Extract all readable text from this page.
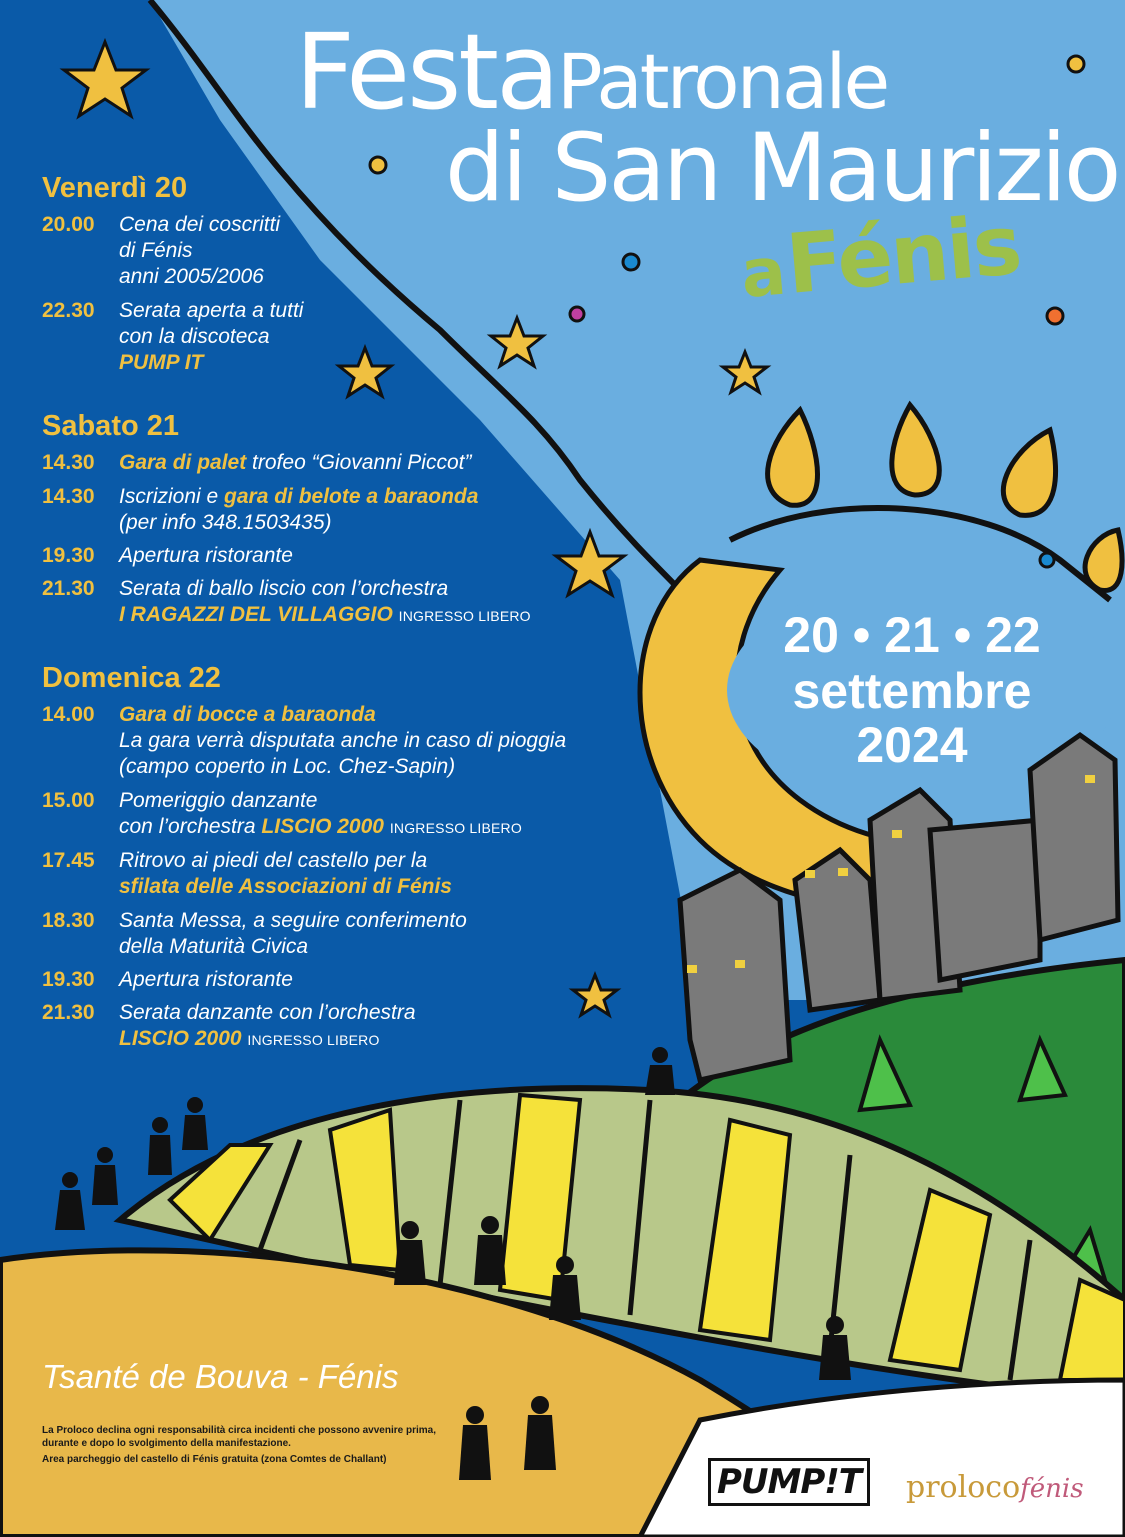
FestaPatronale
di San Maurizio
a Fénis
Venerdì 20
20.00 Cena dei coscritti
di Fénis
anni 2005/2006
22.30 Serata aperta a tutti
con la discoteca
PUMP IT
Sabato 21
14.30 Gara di palet trofeo “Giovanni Piccot”
14.30 Iscrizioni e gara di belote a baraonda
(per info 348.1503435)
19.30 Apertura ristorante
21.30 Serata di ballo liscio con l’orchestra
I RAGAZZI DEL VILLAGGIO INGRESSO LIBERO
Domenica 22
14.00 Gara di bocce a baraonda
La gara verrà disputata anche in caso di pioggia
(campo coperto in Loc. Chez-Sapin)
15.00 Pomeriggio danzante
con l’orchestra LISCIO 2000 INGRESSO LIBERO
17.45 Ritrovo ai piedi del castello per la
sfilata delle Associazioni di Fénis
18.30 Santa Messa, a seguire conferimento
della Maturità Civica
19.30 Apertura ristorante
21.30 Serata danzante con l’orchestra
LISCIO 2000 INGRESSO LIBERO
20 • 21 • 22
settembre
2024
Tsanté de Bouva - Fénis
La Proloco declina ogni responsabilità circa incidenti che possono avvenire prima, durante e dopo lo svolgimento della manifestazione.
Area parcheggio del castello di Fénis gratuita (zona Comtes de Challant)
PUMP!T	prolocofénis
